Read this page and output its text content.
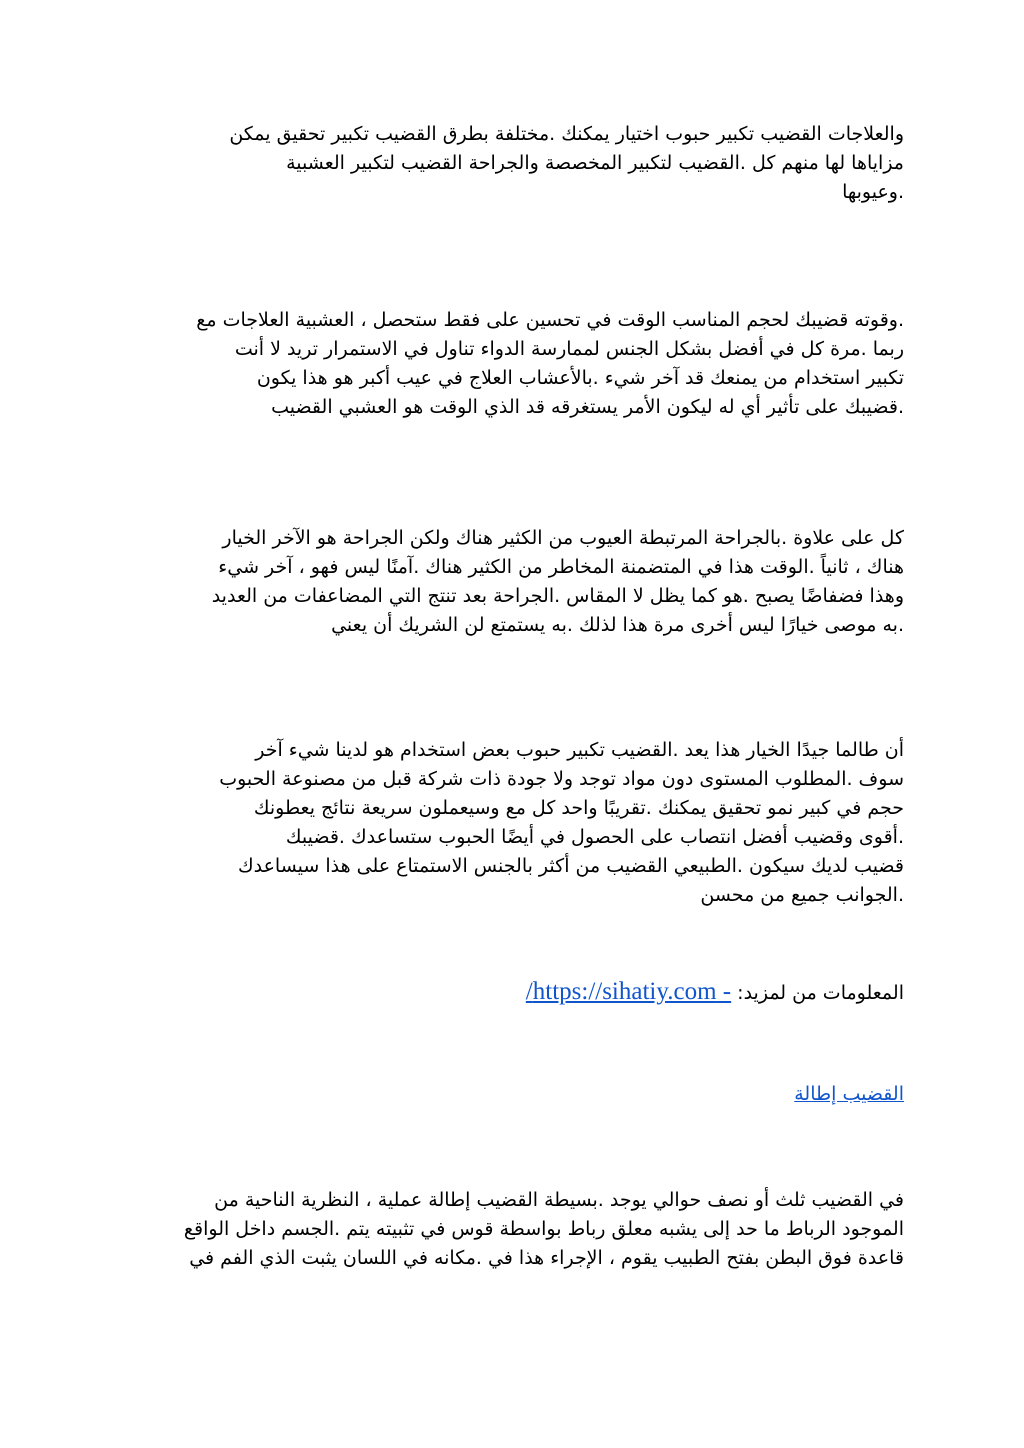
والعلاجات القضيب تكبير حبوب اختيار يمكنك .مختلفة بطرق القضيب تكبير تحقيق يمكن
مزاياها لها منهم كل .القضيب لتكبير المخصصة والجراحة القضيب لتكبير العشبية
.وعيوبها
.وقوته قضيبك لحجم المناسب الوقت في تحسين على فقط ستحصل ، العشبية العلاجات مع
ربما .مرة كل في أفضل بشكل الجنس لممارسة الدواء تناول في الاستمرار تريد لا أنت
تكبير استخدام من يمنعك قد آخر شيء .بالأعشاب العلاج في عيب أكبر هو هذا يكون
.قضيبك على تأثير أي له ليكون الأمر يستغرقه قد الذي الوقت هو العشبي القضيب
كل على علاوة .بالجراحة المرتبطة العيوب من الكثير هناك ولكن الجراحة هو الآخر الخيار
هناك ، ثانياً .الوقت هذا في المتضمنة المخاطر من الكثير هناك .آمنًا ليس فهو ، آخر شيء
وهذا فضفاضًا يصبح .هو كما يظل لا المقاس .الجراحة بعد تنتج التي المضاعفات من العديد
.به موصى خيارًا ليس أخرى مرة هذا لذلك .به يستمتع لن الشريك أن يعني
أن طالما جيدًا الخيار هذا يعد .القضيب تكبير حبوب بعض استخدام هو لدينا شيء آخر
سوف .المطلوب المستوى دون مواد توجد ولا جودة ذات شركة قبل من مصنوعة الحبوب
حجم في كبير نمو تحقيق يمكنك .تقريبًا واحد كل مع وسيعملون سريعة نتائج يعطونك
.أقوى وقضيب أفضل انتصاب على الحصول في أيضًا الحبوب ستساعدك .قضيبك
قضيب لديك سيكون .الطبيعي القضيب من أكثر بالجنس الاستمتاع على هذا سيساعدك
.الجوانب جميع من محسن
المعلومات من لمزيد: - https://sihatiy.com/
القضيب إطالة
في القضيب ثلث أو نصف حوالي يوجد .بسيطة القضيب إطالة عملية ، النظرية الناحية من
الموجود الرباط ما حد إلى يشبه معلق رباط بواسطة قوس في تثبيته يتم .الجسم داخل الواقع
قاعدة فوق البطن بفتح الطبيب يقوم ، الإجراء هذا في .مكانه في اللسان يثبت الذي الفم في
